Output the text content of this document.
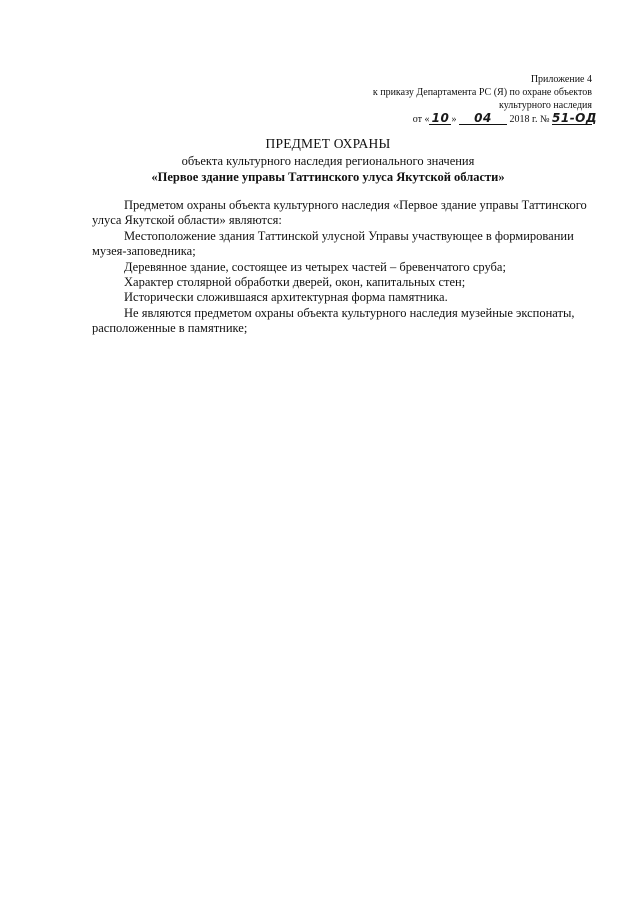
Приложение 4
к приказу Департамента РС (Я) по охране объектов
культурного наследия
от « 10 » 04 2018 г. № 51-ОД
ПРЕДМЕТ ОХРАНЫ
объекта культурного наследия регионального значения
«Первое здание управы Таттинского улуса Якутской области»

Предметом охраны объекта культурного наследия «Первое здание управы Таттинского улуса Якутской области» являются:

Местоположение здания Таттинской улусной Управы участвующее в формировании музея-заповедника;

Деревянное здание, состоящее из четырех частей – бревенчатого сруба;

Характер столярной обработки дверей, окон, капитальных стен;

Исторически сложившаяся архитектурная форма памятника.

Не являются предметом охраны объекта культурного наследия музейные экспонаты, расположенные в памятнике;
